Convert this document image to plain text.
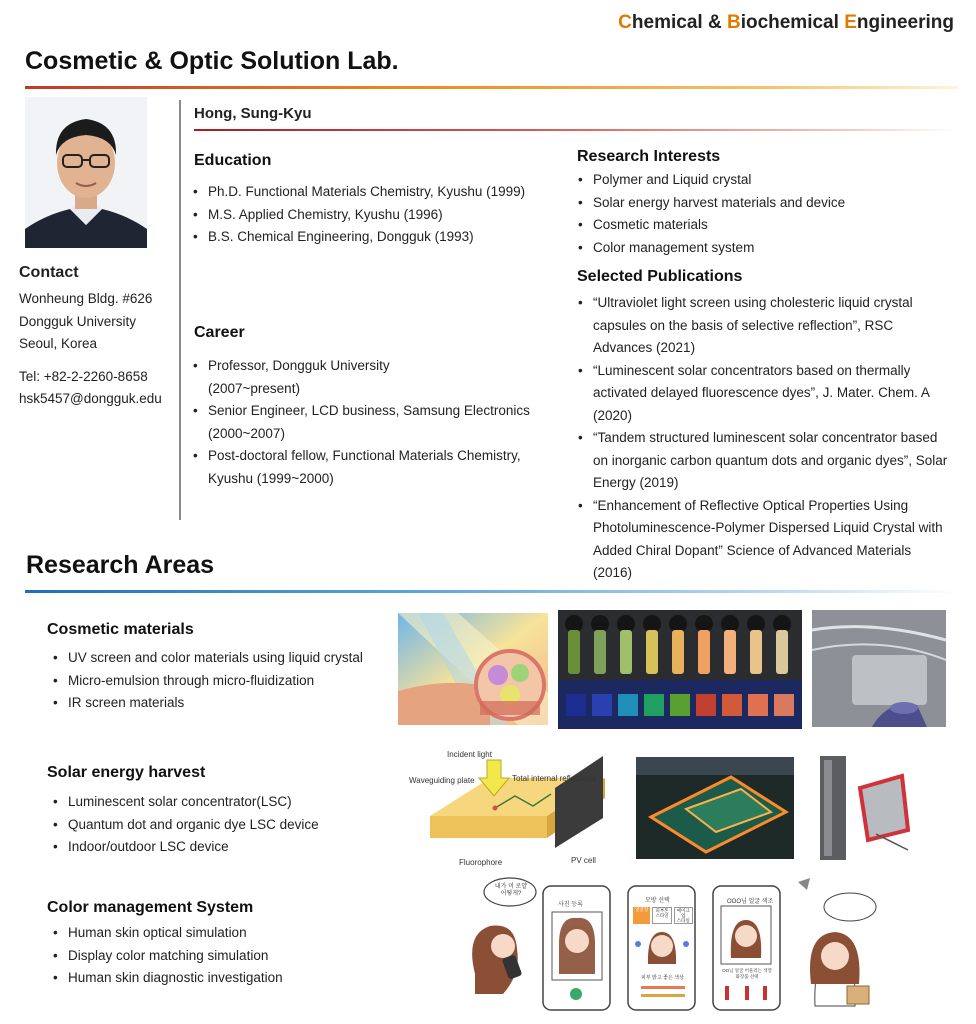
Chemical & Biochemical Engineering
Cosmetic & Optic Solution Lab.
Contact
Wonheung Bldg. #626
Dongguk University
Seoul, Korea
Tel: +82-2-2260-8658
hsk5457@dongguk.edu
Hong, Sung-Kyu
Education
• Ph.D. Functional Materials Chemistry, Kyushu (1999)
• M.S. Applied Chemistry, Kyushu (1996)
• B.S. Chemical Engineering, Dongguk (1993)
Career
• Professor, Dongguk University (2007~present)
• Senior Engineer, LCD business, Samsung Electronics (2000~2007)
• Post-doctoral fellow, Functional Materials Chemistry, Kyushu (1999~2000)
Research Interests
• Polymer and Liquid crystal
• Solar energy harvest materials and device
• Cosmetic materials
• Color management system
Selected Publications
• “Ultraviolet light screen using cholesteric liquid crystal capsules on the basis of selective reflection”, RSC Advances (2021)
• “Luminescent solar concentrators based on thermally activated delayed fluorescence dyes”, J. Mater. Chem. A (2020)
• “Tandem structured luminescent solar concentrator based on inorganic carbon quantum dots and organic dyes”, Solar Energy (2019)
• “Enhancement of Reflective Optical Properties Using Photoluminescence-Polymer Dispersed Liquid Crystal with Added Chiral Dopant” Science of Advanced Materials (2016)
Research Areas
Cosmetic materials
• UV screen and color materials using liquid crystal
• Micro-emulsion through micro-fluidization
• IR screen materials
Solar energy harvest
• Luminescent solar concentrator(LSC)
• Quantum dot and organic dye LSC device
• Indoor/outdoor LSC device
Color management System
• Human skin optical simulation
• Display color matching simulation
• Human skin diagnostic investigation
Incident light
Waveguiding plate	Total internal reflections
Fluorophore	PV cell
내가 머 로얄
어떻게?
사진 등록
모방 선택
얼굴형	피부톤
스타일
메이크업
스타일
피부 밝고 좋은 색상
OOO님 얼굴 색조
OO님 얼굴 어울리는 색깔
화장품 선택
